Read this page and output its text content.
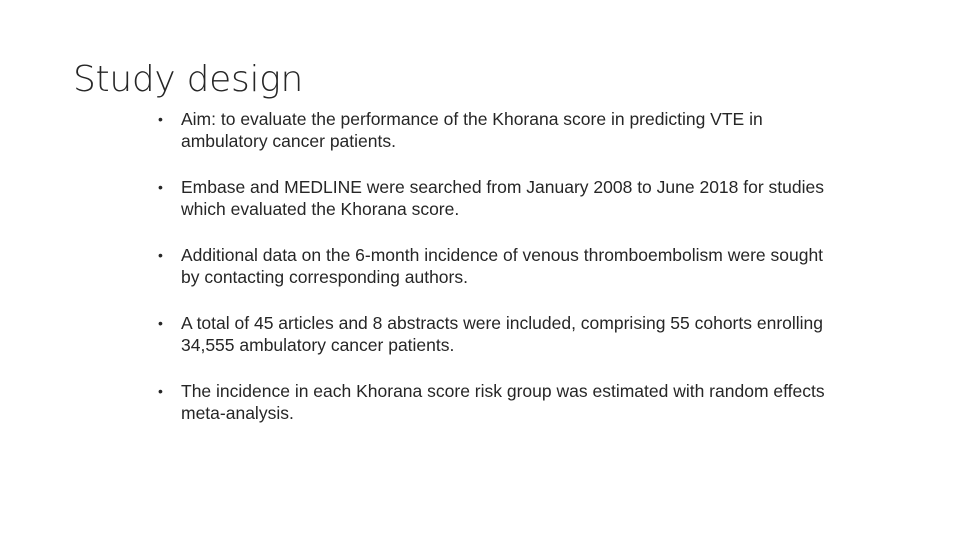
Study design
•	Aim: to evaluate the performance of the Khorana score in predicting VTE in ambulatory cancer patients.
•	Embase and MEDLINE were searched from January 2008 to June 2018 for studies which evaluated the Khorana score.
•	Additional data on the 6-month incidence of venous thromboembolism were sought by contacting corresponding authors.
•	A total of 45 articles and 8 abstracts were included, comprising 55 cohorts enrolling 34,555 ambulatory cancer patients.
•	The incidence in each Khorana score risk group was estimated with random effects meta-analysis.
